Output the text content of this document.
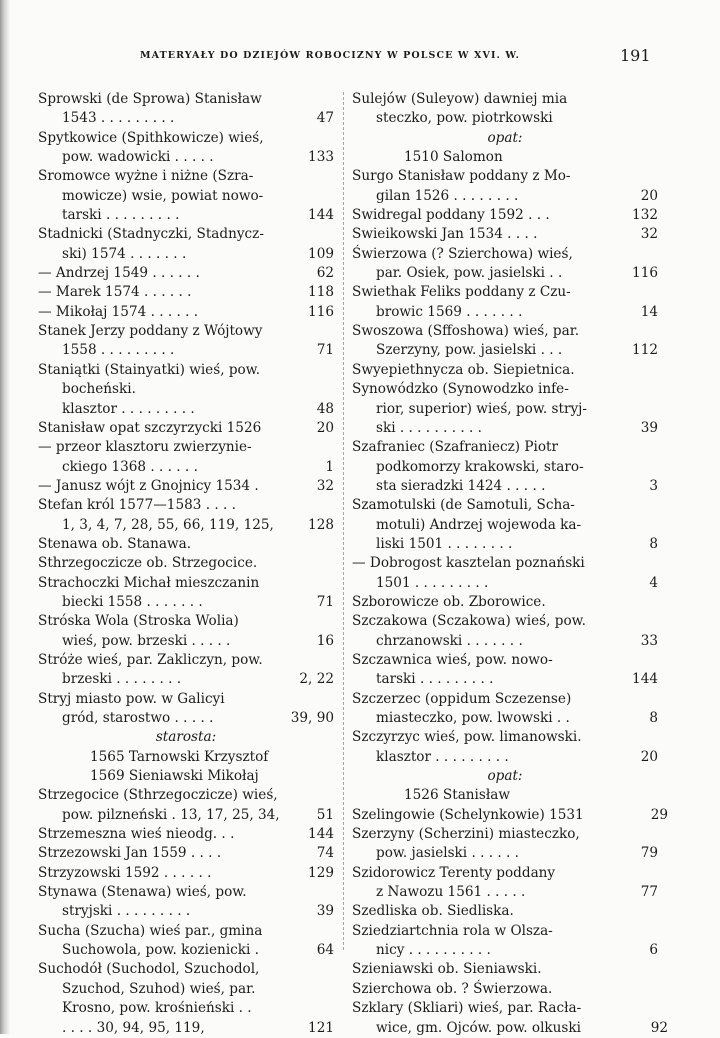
MATERYAŁY DO DZIEJÓW ROBOCIZNY W POLSCE W XVI. W.	191
Sprowski (de Sprowa) Stanisław
1543 . . . . . . . . .	47
Spytkowice (Spithkowicze) wieś,
pow. wadowicki . . . . .	133
Sromowce wyżne i niżne (Szra-
mowicze) wsie, powiat nowo-
tarski . . . . . . . . .	144
Stadnicki (Stadnyczki, Stadnycz-
ski) 1574 . . . . . . .	109
— Andrzej 1549 . . . . . .	62
— Marek 1574 . . . . . .	118
— Mikołaj 1574 . . . . . .	116
Stanek Jerzy poddany z Wójtowy
1558 . . . . . . . . .	71
Staniątki (Stainyatki) wieś, pow.
bocheński.
klasztor . . . . . . . . .	48
Stanisław opat szczyrzycki 1526	20
— przeor klasztoru zwierzynie-
ckiego 1368 . . . . . .	1
— Janusz wójt z Gnojnicy 1534 .	32
Stefan król 1577—1583 . . . .
1, 3, 4, 7, 28, 55, 66, 119, 125,	128
Stenawa ob. Stanawa.
Sthrzegoczicze ob. Strzegocice.
Strachoczki Michał mieszczanin
biecki 1558 . . . . . . .	71
Stróska Wola (Stroska Wolia)
wieś, pow. brzeski . . . . .	16
Stróże wieś, par. Zakliczyn, pow.
brzeski . . . . . . . .	2, 22
Stryj miasto pow. w Galicyi
gród, starostwo . . . . .	39, 90
starosta:
1565 Tarnowski Krzysztof
1569 Sieniawski Mikołaj
Strzegocice (Sthrzegoczicze) wieś,
pow. pilzneński . 13, 17, 25, 34,	51
Strzemeszna wieś nieodg. . .	144
Strzezowski Jan 1559 . . . .	74
Strzyzowski 1592 . . . . . .	129
Stynawa (Stenawa) wieś, pow.
stryjski . . . . . . . . .	39
Sucha (Szucha) wieś par., gmina
Suchowola, pow. kozienicki .	64
Suchodół (Suchodol, Szuchodol,
Szuchod, Szuhod) wieś, par.
Krosno, pow. krośnieński . .
. . . . 30, 94, 95, 119,	121
Sulejów (Suleyow) dawniej mia
steczko, pow. piotrkowski
opat:
1510 Salomon
Surgo Stanisław poddany z Mo-
gilan 1526 . . . . . . . .	20
Swidregal poddany 1592 . . .	132
Swieikowski Jan 1534 . . . .	32
Świerzowa (? Szierchowa) wieś,
par. Osiek, pow. jasielski . .	116
Swiethak Feliks poddany z Czu-
browic 1569 . . . . . . .	14
Swoszowa (Sffoshowa) wieś, par.
Szerzyny, pow. jasielski . . .	112
Swyepiethnycza ob. Siepietnica.
Synowódzko (Synowodzko infe-
rior, superior) wieś, pow. stryj-
ski . . . . . . . . . .	39
Szafraniec (Szafraniecz) Piotr
podkomorzy krakowski, staro-
sta sieradzki 1424 . . . . .	3
Szamotulski (de Samotuli, Scha-
motuli) Andrzej wojewoda ka-
liski 1501 . . . . . . . .	8
— Dobrogost kasztelan poznański
1501 . . . . . . . . .	4
Szborowicze ob. Zborowice.
Szczakowa (Sczakowa) wieś, pow.
chrzanowski . . . . . . .	33
Szczawnica wieś, pow. nowo-
tarski . . . . . . . . .	144
Szczerzec (oppidum Sczezense)
miasteczko, pow. lwowski . .	8
Szczyrzyc wieś, pow. limanowski.
klasztor . . . . . . . . .	20
opat:
1526 Stanisław
Szelingowie (Schelynkowie) 1531	29
Szerzyny (Scherzini) miasteczko,
pow. jasielski . . . . . .	79
Szidorowicz Terenty poddany
z Nawozu 1561 . . . . .	77
Szedliska ob. Siedliska.
Sziedziartchnia rola w Olsza-
nicy . . . . . . . . . .	6
Szieniawski ob. Sieniawski.
Szierchowa ob. ? Świerzowa.
Szklary (Skliari) wieś, par. Racła-
wice, gm. Ojców. pow. olkuski	92
